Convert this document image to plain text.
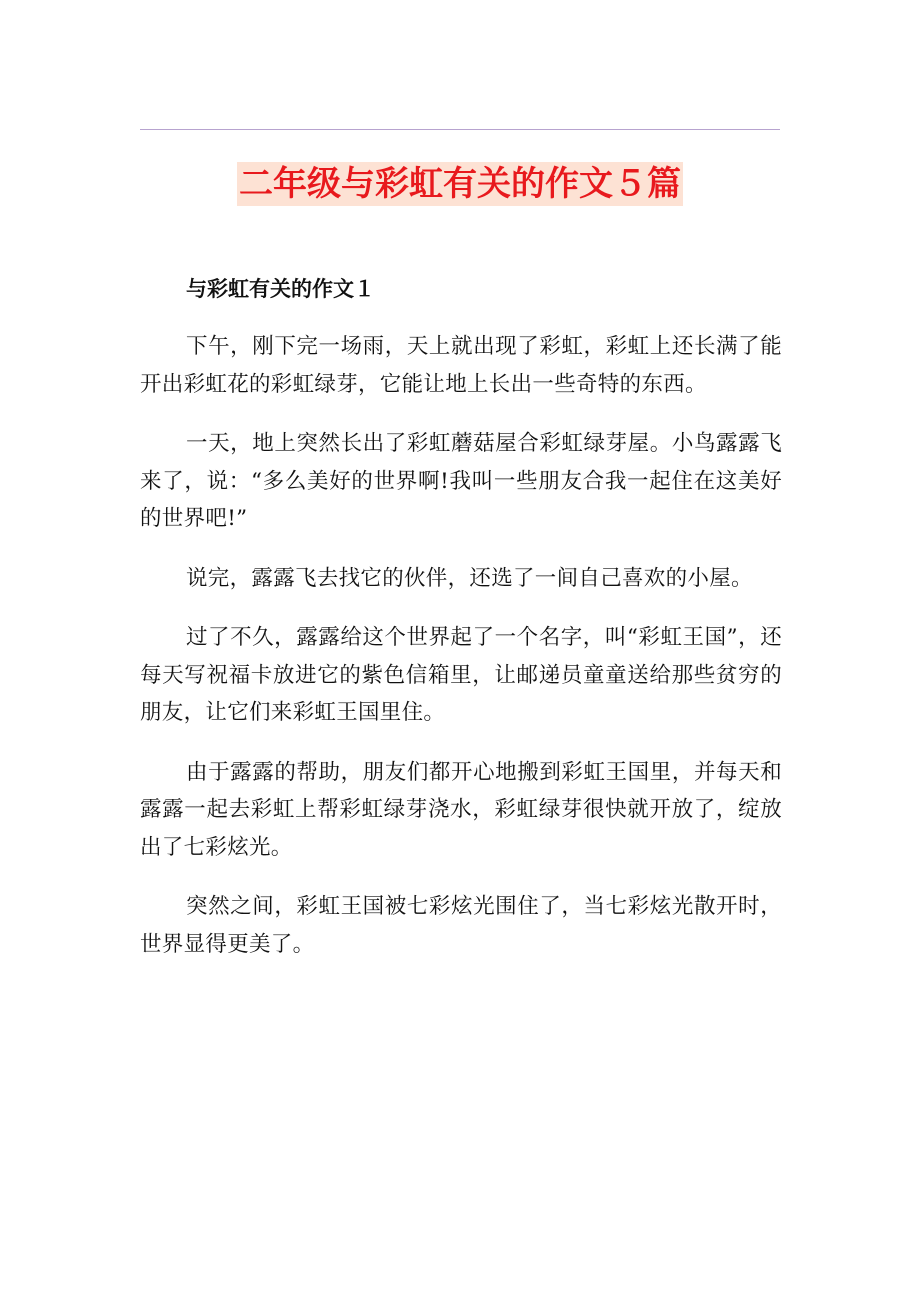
二年级与彩虹有关的作文５篇
与彩虹有关的作文１

下午，刚下完一场雨，天上就出现了彩虹，彩虹上还长满了能开出彩虹花的彩虹绿芽，它能让地上长出一些奇特的东西。

一天，地上突然长出了彩虹蘑菇屋合彩虹绿芽屋。小鸟露露飞来了，说：“多么美好的世界啊!我叫一些朋友合我一起住在这美好的世界吧!”

说完，露露飞去找它的伙伴，还选了一间自己喜欢的小屋。

过了不久，露露给这个世界起了一个名字，叫“彩虹王国”，还每天写祝福卡放进它的紫色信箱里，让邮递员童童送给那些贫穷的朋友，让它们来彩虹王国里住。

由于露露的帮助，朋友们都开心地搬到彩虹王国里，并每天和露露一起去彩虹上帮彩虹绿芽浇水，彩虹绿芽很快就开放了，绽放出了七彩炫光。

突然之间，彩虹王国被七彩炫光围住了，当七彩炫光散开时，世界显得更美了。
